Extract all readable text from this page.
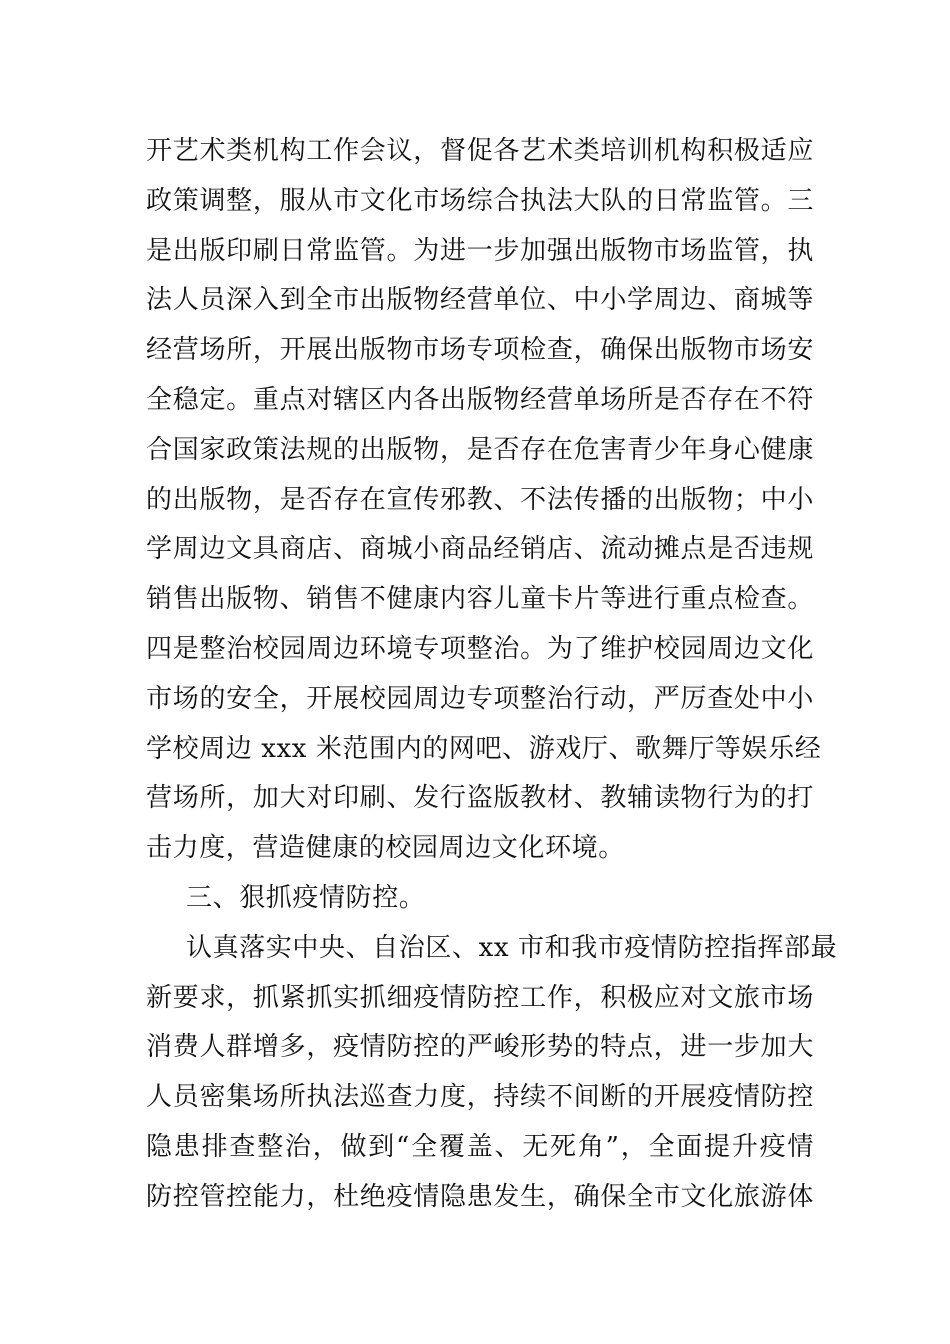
开艺术类机构工作会议，督促各艺术类培训机构积极适应
政策调整，服从市文化市场综合执法大队的日常监管。三
是出版印刷日常监管。为进一步加强出版物市场监管，执
法人员深入到全市出版物经营单位、中小学周边、商城等
经营场所，开展出版物市场专项检查，确保出版物市场安
全稳定。重点对辖区内各出版物经营单场所是否存在不符
合国家政策法规的出版物，是否存在危害青少年身心健康
的出版物，是否存在宣传邪教、不法传播的出版物；中小
学周边文具商店、商城小商品经销店、流动摊点是否违规
销售出版物、销售不健康内容儿童卡片等进行重点检查。
四是整治校园周边环境专项整治。为了维护校园周边文化
市场的安全，开展校园周边专项整治行动，严厉查处中小
学校周边 xxx 米范围内的网吧、游戏厅、歌舞厅等娱乐经
营场所，加大对印刷、发行盗版教材、教辅读物行为的打
击力度，营造健康的校园周边文化环境。
三、狠抓疫情防控。
认真落实中央、自治区、xx 市和我市疫情防控指挥部最
新要求，抓紧抓实抓细疫情防控工作，积极应对文旅市场
消费人群增多，疫情防控的严峻形势的特点，进一步加大
人员密集场所执法巡查力度，持续不间断的开展疫情防控
隐患排查整治，做到“全覆盖、无死角”，全面提升疫情
防控管控能力，杜绝疫情隐患发生，确保全市文化旅游体
